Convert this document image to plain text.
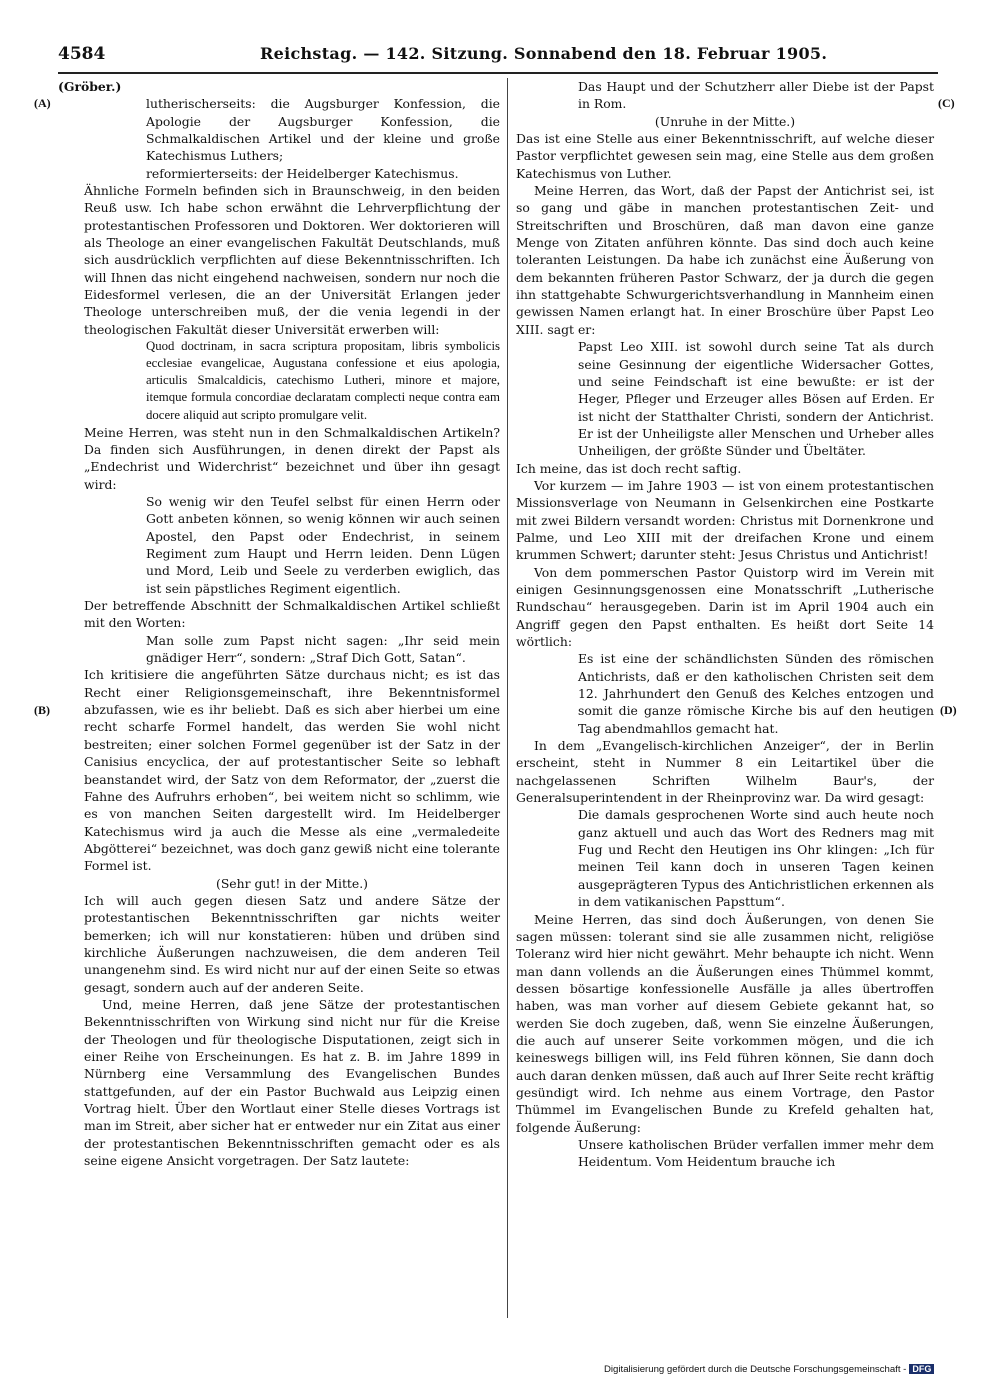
4584	Reichstag. — 142. Sitzung. Sonnabend den 18. Februar 1905.
(A)
(B)
(C)
(D)

(Gröber.)

lutherischerseits: die Augsburger Konfession, die Apologie der Augsburger Konfession, die Schmalkaldischen Artikel und der kleine und große Katechismus Luthers;

reformierterseits: der Heidelberger Katechismus.

Ähnliche Formeln befinden sich in Braunschweig, in den beiden Reuß usw. Ich habe schon erwähnt die Lehrverpflichtung der protestantischen Professoren und Doktoren. Wer doktorieren will als Theologe an einer evangelischen Fakultät Deutschlands, muß sich ausdrücklich verpflichten auf diese Bekenntnisschriften. Ich will Ihnen das nicht eingehend nachweisen, sondern nur noch die Eidesformel verlesen, die an der Universität Erlangen jeder Theologe unterschreiben muß, der die venia legendi in der theologischen Fakultät dieser Universität erwerben will:

Quod doctrinam, in sacra scriptura propositam, libris symbolicis ecclesiae evangelicae, Augustana confessione et eius apologia, articulis Smalcaldicis, catechismo Lutheri, minore et majore, itemque formula concordiae declaratam complecti neque contra eam docere aliquid aut scripto promulgare velit.

Meine Herren, was steht nun in den Schmalkaldischen Artikeln? Da finden sich Ausführungen, in denen direkt der Papst als „Endechrist und Widerchrist“ bezeichnet und über ihn gesagt wird:

So wenig wir den Teufel selbst für einen Herrn oder Gott anbeten können, so wenig können wir auch seinen Apostel, den Papst oder Endechrist, in seinem Regiment zum Haupt und Herrn leiden. Denn Lügen und Mord, Leib und Seele zu verderben ewiglich, das ist sein päpstliches Regiment eigentlich.

Der betreffende Abschnitt der Schmalkaldischen Artikel schließt mit den Worten:

Man solle zum Papst nicht sagen: „Ihr seid mein gnädiger Herr“, sondern: „Straf Dich Gott, Satan“.

Ich kritisiere die angeführten Sätze durchaus nicht; es ist das Recht einer Religionsgemeinschaft, ihre Bekenntnisformel abzufassen, wie es ihr beliebt. Daß es sich aber hierbei um eine recht scharfe Formel handelt, das werden Sie wohl nicht bestreiten; einer solchen Formel gegenüber ist der Satz in der Canisius encyclica, der auf protestantischer Seite so lebhaft beanstandet wird, der Satz von dem Reformator, der „zuerst die Fahne des Aufruhrs erhoben“, bei weitem nicht so schlimm, wie es von manchen Seiten dargestellt wird. Im Heidelberger Katechismus wird ja auch die Messe als eine „vermaledeite Abgötterei“ bezeichnet, was doch ganz gewiß nicht eine tolerante Formel ist.

(Sehr gut! in der Mitte.)

Ich will auch gegen diesen Satz und andere Sätze der protestantischen Bekenntnisschriften gar nichts weiter bemerken; ich will nur konstatieren: hüben und drüben sind kirchliche Äußerungen nachzuweisen, die dem anderen Teil unangenehm sind. Es wird nicht nur auf der einen Seite so etwas gesagt, sondern auch auf der anderen Seite.

Und, meine Herren, daß jene Sätze der protestantischen Bekenntnisschriften von Wirkung sind nicht nur für die Kreise der Theologen und für theologische Disputationen, zeigt sich in einer Reihe von Erscheinungen. Es hat z. B. im Jahre 1899 in Nürnberg eine Versammlung des Evangelischen Bundes stattgefunden, auf der ein Pastor Buchwald aus Leipzig einen Vortrag hielt. Über den Wortlaut einer Stelle dieses Vortrags ist man im Streit, aber sicher hat er entweder nur ein Zitat aus einer der protestantischen Bekenntnisschriften gemacht oder es als seine eigene Ansicht vorgetragen. Der Satz lautete:

Das Haupt und der Schutzherr aller Diebe ist der Papst in Rom.

(Unruhe in der Mitte.)

Das ist eine Stelle aus einer Bekenntnisschrift, auf welche dieser Pastor verpflichtet gewesen sein mag, eine Stelle aus dem großen Katechismus von Luther.

Meine Herren, das Wort, daß der Papst der Antichrist sei, ist so gang und gäbe in manchen protestantischen Zeit- und Streitschriften und Broschüren, daß man davon eine ganze Menge von Zitaten anführen könnte. Das sind doch auch keine toleranten Leistungen. Da habe ich zunächst eine Äußerung von dem bekannten früheren Pastor Schwarz, der ja durch die gegen ihn stattgehabte Schwurgerichtsverhandlung in Mannheim einen gewissen Namen erlangt hat. In einer Broschüre über Papst Leo XIII. sagt er:

Papst Leo XIII. ist sowohl durch seine Tat als durch seine Gesinnung der eigentliche Widersacher Gottes, und seine Feindschaft ist eine bewußte: er ist der Heger, Pfleger und Erzeuger alles Bösen auf Erden. Er ist nicht der Statthalter Christi, sondern der Antichrist. Er ist der Unheiligste aller Menschen und Urheber alles Unheiligen, der größte Sünder und Übeltäter.

Ich meine, das ist doch recht saftig.

Vor kurzem — im Jahre 1903 — ist von einem protestantischen Missionsverlage von Neumann in Gelsenkirchen eine Postkarte mit zwei Bildern versandt worden: Christus mit Dornenkrone und Palme, und Leo XIII mit der dreifachen Krone und einem krummen Schwert; darunter steht: Jesus Christus und Antichrist!

Von dem pommerschen Pastor Quistorp wird im Verein mit einigen Gesinnungsgenossen eine Monatsschrift „Lutherische Rundschau“ herausgegeben. Darin ist im April 1904 auch ein Angriff gegen den Papst enthalten. Es heißt dort Seite 14 wörtlich:

Es ist eine der schändlichsten Sünden des römischen Antichrists, daß er den katholischen Christen seit dem 12. Jahrhundert den Genuß des Kelches entzogen und somit die ganze römische Kirche bis auf den heutigen Tag abendmahllos gemacht hat.

In dem „Evangelisch-kirchlichen Anzeiger“, der in Berlin erscheint, steht in Nummer 8 ein Leitartikel über die nachgelassenen Schriften Wilhelm Baur's, der Generalsuperintendent in der Rheinprovinz war. Da wird gesagt:

Die damals gesprochenen Worte sind auch heute noch ganz aktuell und auch das Wort des Redners mag mit Fug und Recht den Heutigen ins Ohr klingen: „Ich für meinen Teil kann doch in unseren Tagen keinen ausgeprägteren Typus des Antichristlichen erkennen als in dem vatikanischen Papsttum“.

Meine Herren, das sind doch Äußerungen, von denen Sie sagen müssen: tolerant sind sie alle zusammen nicht, religiöse Toleranz wird hier nicht gewährt. Mehr behaupte ich nicht. Wenn man dann vollends an die Äußerungen eines Thümmel kommt, dessen bösartige konfessionelle Ausfälle ja alles übertroffen haben, was man vorher auf diesem Gebiete gekannt hat, so werden Sie doch zugeben, daß, wenn Sie einzelne Äußerungen, die auch auf unserer Seite vorkommen mögen, und die ich keineswegs billigen will, ins Feld führen können, Sie dann doch auch daran denken müssen, daß auch auf Ihrer Seite recht kräftig gesündigt wird. Ich nehme aus einem Vortrage, den Pastor Thümmel im Evangelischen Bunde zu Krefeld gehalten hat, folgende Äußerung:

Unsere katholischen Brüder verfallen immer mehr dem Heidentum. Vom Heidentum brauche ich

Digitalisierung gefördert durch die Deutsche Forschungsgemeinschaft - DFG
